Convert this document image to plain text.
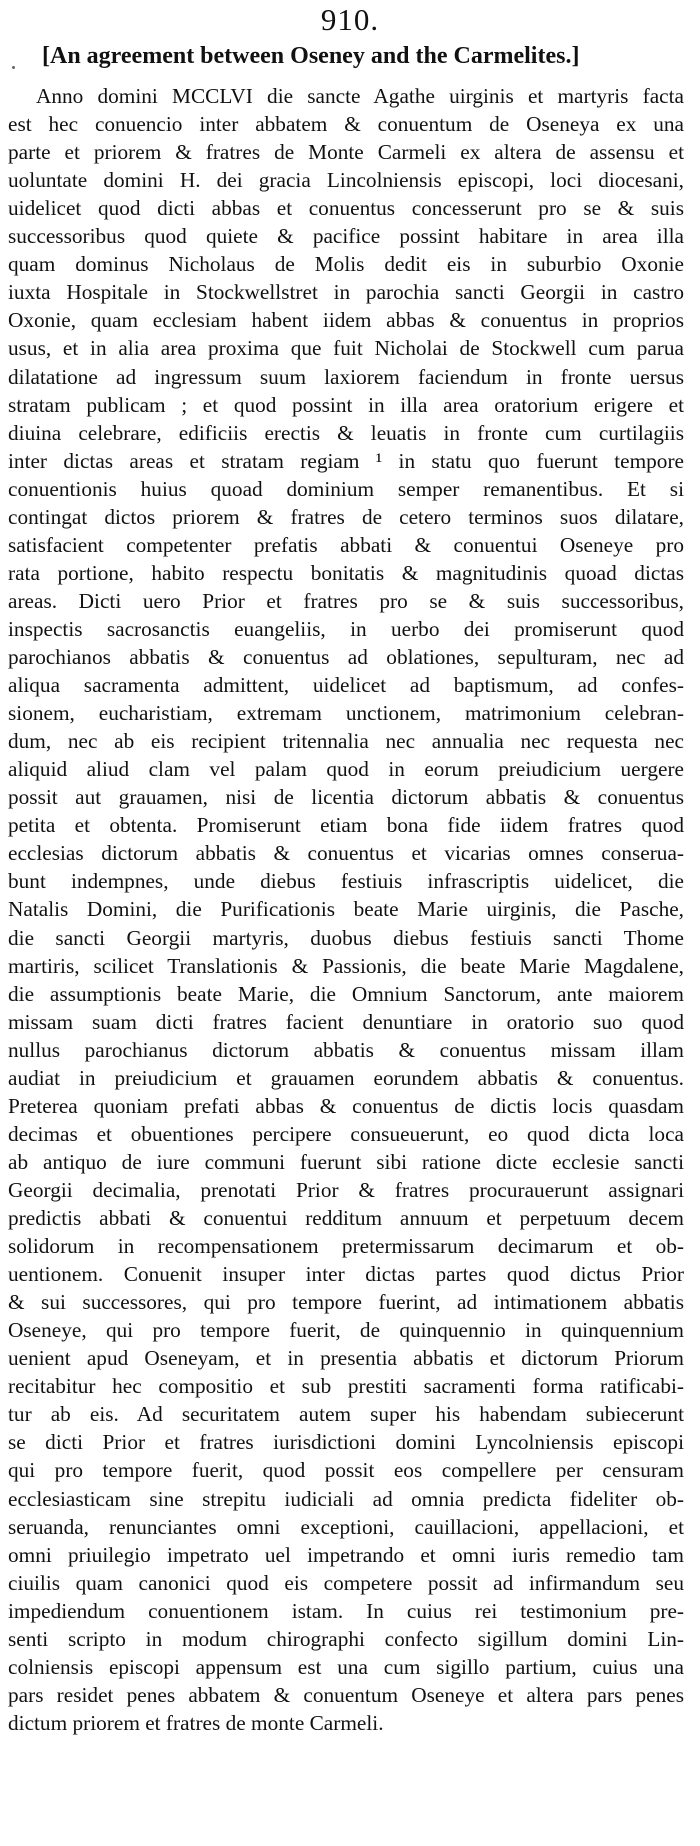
910.
[An agreement between Oseney and the Carmelites.]
Anno domini MCCLVI die sancte Agathe uirginis et martyris facta
est hec conuencio inter abbatem & conuentum de Oseneya ex una
parte et priorem & fratres de Monte Carmeli ex altera de assensu et
uoluntate domini H. dei gracia Lincolniensis episcopi, loci diocesani,
uidelicet quod dicti abbas et conuentus concesserunt pro se & suis
successoribus quod quiete & pacifice possint habitare in area illa
quam dominus Nicholaus de Molis dedit eis in suburbio Oxonie
iuxta Hospitale in Stockwellstret in parochia sancti Georgii in castro
Oxonie, quam ecclesiam habent iidem abbas & conuentus in proprios
usus, et in alia area proxima que fuit Nicholai de Stockwell cum parua
dilatatione ad ingressum suum laxiorem faciendum in fronte uersus
stratam publicam ; et quod possint in illa area oratorium erigere et
diuina celebrare, edificiis erectis & leuatis in fronte cum curtilagiis
inter dictas areas et stratam regiam ¹ in statu quo fuerunt tempore
conuentionis huius quoad dominium semper remanentibus. Et si
contingat dictos priorem & fratres de cetero terminos suos dilatare,
satisfacient competenter prefatis abbati & conuentui Oseneye pro
rata portione, habito respectu bonitatis & magnitudinis quoad dictas
areas. Dicti uero Prior et fratres pro se & suis successoribus,
inspectis sacrosanctis euangeliis, in uerbo dei promiserunt quod
parochianos abbatis & conuentus ad oblationes, sepulturam, nec ad
aliqua sacramenta admittent, uidelicet ad baptismum, ad confes-
sionem, eucharistiam, extremam unctionem, matrimonium celebran-
dum, nec ab eis recipient tritennalia nec annualia nec requesta nec
aliquid aliud clam vel palam quod in eorum preiudicium uergere
possit aut grauamen, nisi de licentia dictorum abbatis & conuentus
petita et obtenta. Promiserunt etiam bona fide iidem fratres quod
ecclesias dictorum abbatis & conuentus et vicarias omnes conserua-
bunt indempnes, unde diebus festiuis infrascriptis uidelicet, die
Natalis Domini, die Purificationis beate Marie uirginis, die Pasche,
die sancti Georgii martyris, duobus diebus festiuis sancti Thome
martiris, scilicet Translationis & Passionis, die beate Marie Magdalene,
die assumptionis beate Marie, die Omnium Sanctorum, ante maiorem
missam suam dicti fratres facient denuntiare in oratorio suo quod
nullus parochianus dictorum abbatis & conuentus missam illam
audiat in preiudicium et grauamen eorundem abbatis & conuentus.
Preterea quoniam prefati abbas & conuentus de dictis locis quasdam
decimas et obuentiones percipere consueuerunt, eo quod dicta loca
ab antiquo de iure communi fuerunt sibi ratione dicte ecclesie sancti
Georgii decimalia, prenotati Prior & fratres procurauerunt assignari
predictis abbati & conuentui redditum annuum et perpetuum decem
solidorum in recompensationem pretermissarum decimarum et ob-
uentionem. Conuenit insuper inter dictas partes quod dictus Prior
& sui successores, qui pro tempore fuerint, ad intimationem abbatis
Oseneye, qui pro tempore fuerit, de quinquennio in quinquennium
uenient apud Oseneyam, et in presentia abbatis et dictorum Priorum
recitabitur hec compositio et sub prestiti sacramenti forma ratificabi-
tur ab eis. Ad securitatem autem super his habendam subiecerunt
se dicti Prior et fratres iurisdictioni domini Lyncolniensis episcopi
qui pro tempore fuerit, quod possit eos compellere per censuram
ecclesiasticam sine strepitu iudiciali ad omnia predicta fideliter ob-
seruanda, renunciantes omni exceptioni, cauillacioni, appellacioni, et
omni priuilegio impetrato uel impetrando et omni iuris remedio tam
ciuilis quam canonici quod eis competere possit ad infirmandum seu
impediendum conuentionem istam. In cuius rei testimonium pre-
senti scripto in modum chirographi confecto sigillum domini Lin-
colniensis episcopi appensum est una cum sigillo partium, cuius una
pars residet penes abbatem & conuentum Oseneye et altera pars penes
dictum priorem et fratres de monte Carmeli.
